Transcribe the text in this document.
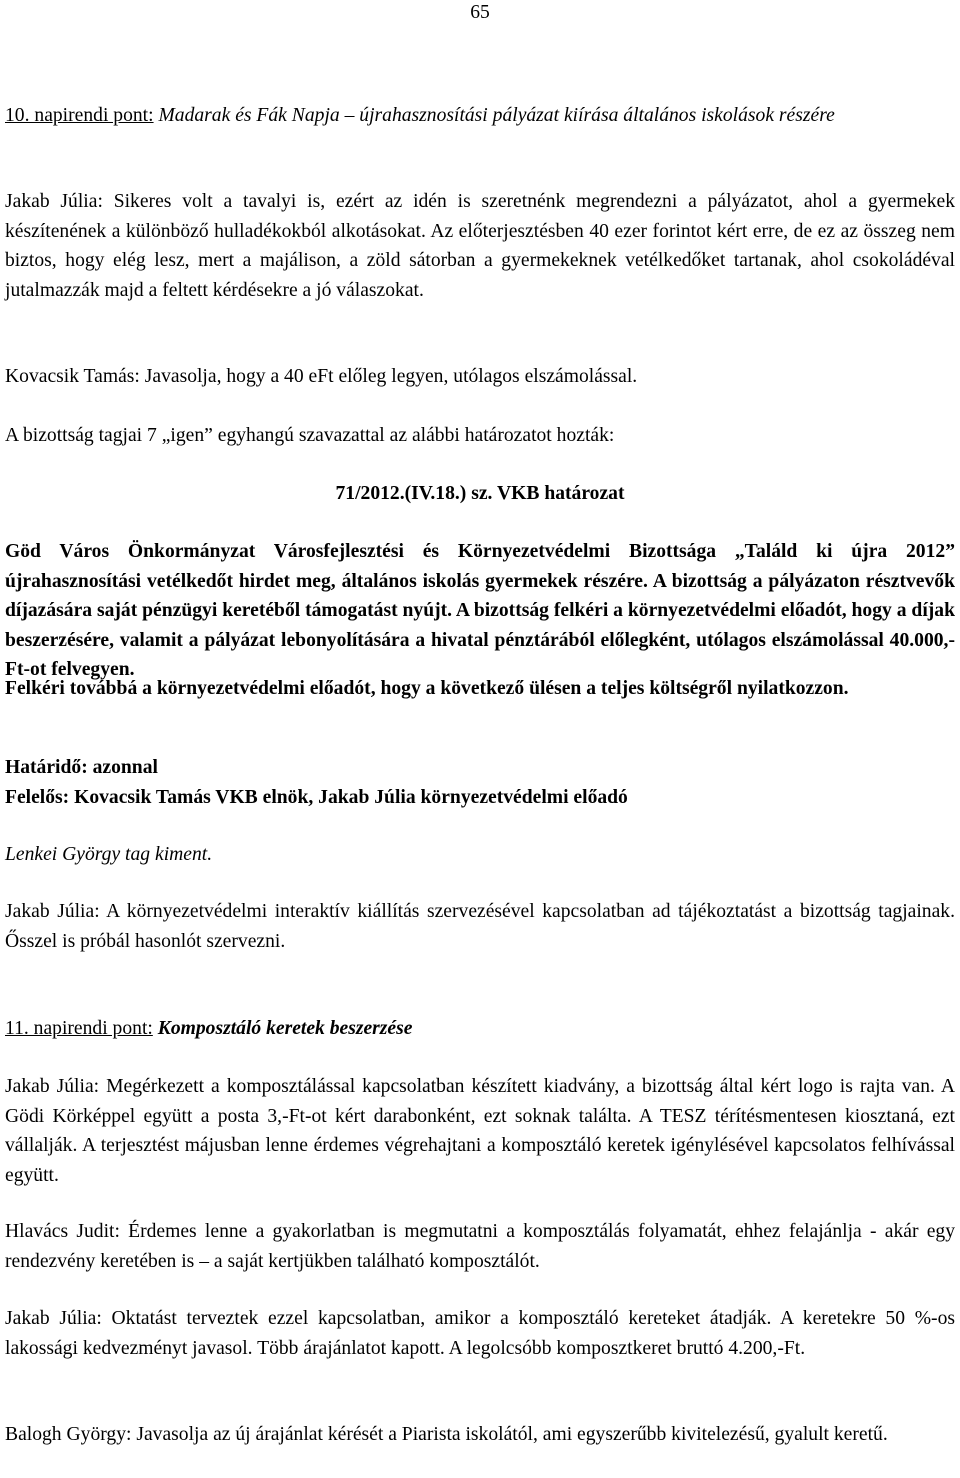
65

10. napirendi pont: Madarak és Fák Napja – újrahasznosítási pályázat kiírása általános iskolások részére

Jakab Júlia: Sikeres volt a tavalyi is, ezért az idén is szeretnénk megrendezni a pályázatot, ahol a gyermekek készítenének a különböző hulladékokból alkotásokat. Az előterjesztésben 40 ezer forintot kért erre, de ez az összeg nem biztos, hogy elég lesz, mert a majálison, a zöld sátorban a gyermekeknek vetélkedőket tartanak, ahol csokoládéval jutalmazzák majd a feltett kérdésekre a jó válaszokat.

Kovacsik Tamás: Javasolja, hogy a 40 eFt előleg legyen, utólagos elszámolással.

A bizottság tagjai 7 „igen” egyhangú szavazattal az alábbi határozatot hozták:

71/2012.(IV.18.) sz. VKB határozat

Göd Város Önkormányzat Városfejlesztési és Környezetvédelmi Bizottsága „Találd ki újra 2012” újrahasznosítási vetélkedőt hirdet meg, általános iskolás gyermekek részére. A bizottság a pályázaton résztvevők díjazására saját pénzügyi keretéből támogatást nyújt. A bizottság felkéri a környezetvédelmi előadót, hogy a díjak beszerzésére, valamit a pályázat lebonyolítására a hivatal pénztárából előlegként, utólagos elszámolással 40.000,-Ft-ot felvegyen.

Felkéri továbbá a környezetvédelmi előadót, hogy a következő ülésen a teljes költségről nyilatkozzon.

Határidő: azonnal

Felelős: Kovacsik Tamás VKB elnök, Jakab Júlia környezetvédelmi előadó

Lenkei György tag kiment.

Jakab Júlia: A környezetvédelmi interaktív kiállítás szervezésével kapcsolatban ad tájékoztatást a bizottság tagjainak. Ősszel is próbál hasonlót szervezni.

11. napirendi pont: Komposztáló keretek beszerzése

Jakab Júlia: Megérkezett a komposztálással kapcsolatban készített kiadvány, a bizottság által kért logo is rajta van. A Gödi Körképpel együtt a posta 3,-Ft-ot kért darabonként, ezt soknak találta. A TESZ térítésmentesen kiosztaná, ezt vállalják. A terjesztést májusban lenne érdemes végrehajtani a komposztáló keretek igénylésével kapcsolatos felhívással együtt.

Hlavács Judit: Érdemes lenne a gyakorlatban is megmutatni a komposztálás folyamatát, ehhez felajánlja - akár egy rendezvény keretében is – a saját kertjükben található komposztálót.

Jakab Júlia: Oktatást terveztek ezzel kapcsolatban, amikor a komposztáló kereteket átadják. A keretekre 50 %-os lakossági kedvezményt javasol. Több árajánlatot kapott. A legolcsóbb komposztkeret bruttó 4.200,-Ft.

Balogh György: Javasolja az új árajánlat kérését a Piarista iskolától, ami egyszerűbb kivitelezésű, gyalult keretű.
